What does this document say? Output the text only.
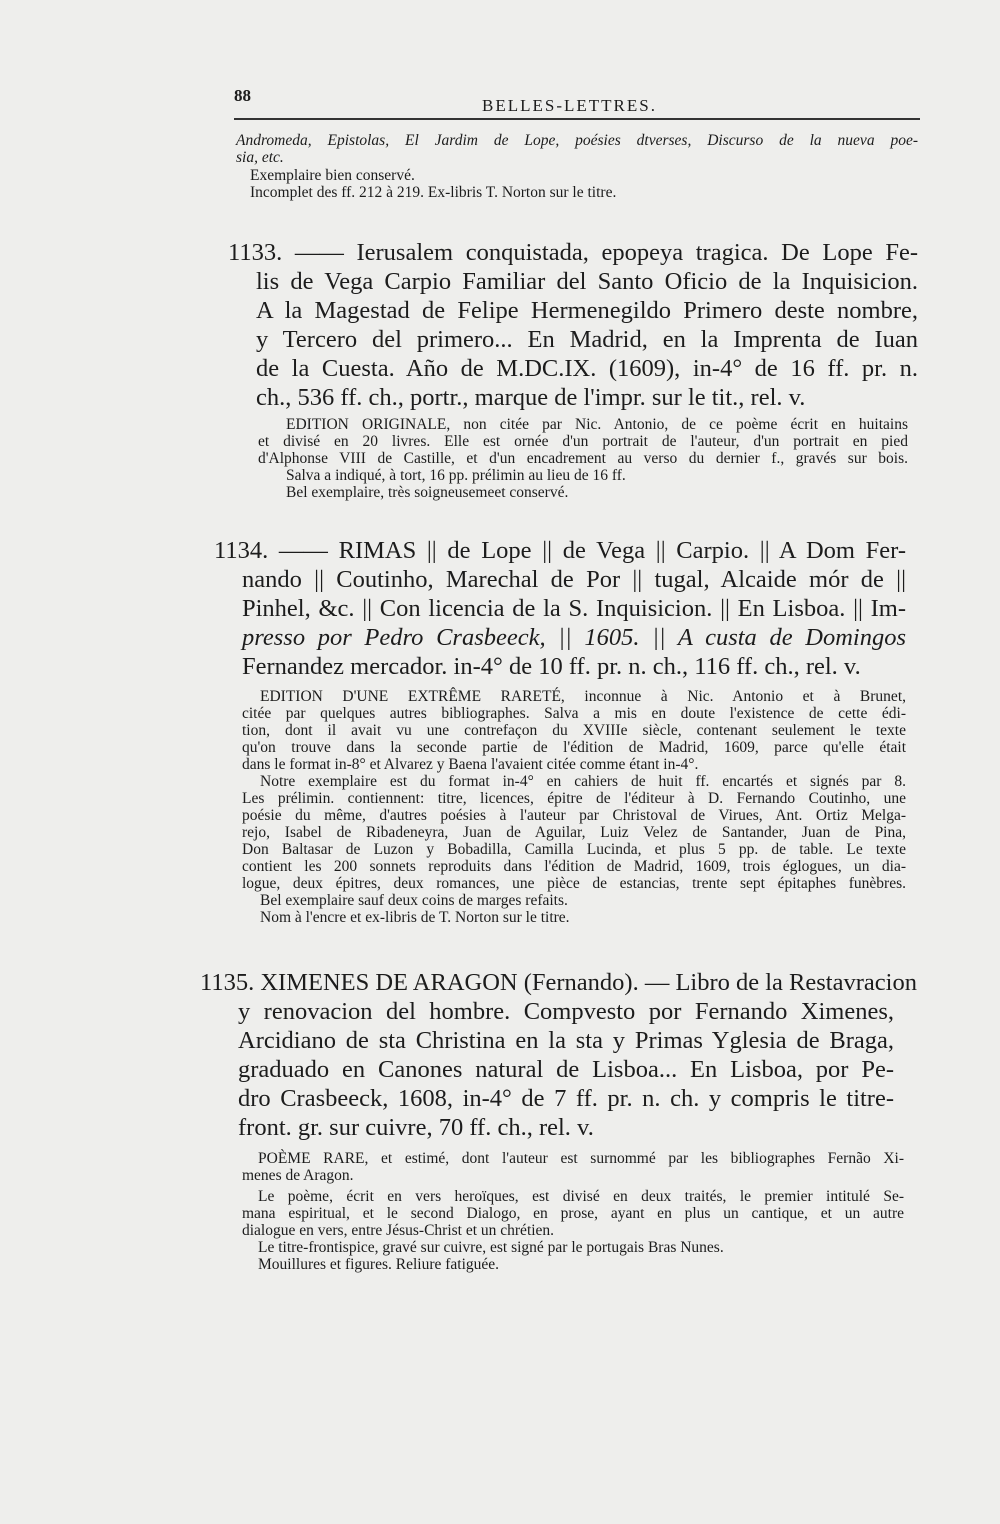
88
BELLES-LETTRES.
Andromeda, Epistolas, El Jardim de Lope, poésies dtverses, Discurso de la nueva poe-
sia, etc.
Exemplaire bien conservé.
Incomplet des ff. 212 à 219. Ex-libris T. Norton sur le titre.
1133. —— Ierusalem conquistada, epopeya tragica. De Lope Fe-
lis de Vega Carpio Familiar del Santo Oficio de la Inquisicion.
A la Magestad de Felipe Hermenegildo Primero deste nombre,
y Tercero del primero... En Madrid, en la Imprenta de Iuan
de la Cuesta. Año de M.DC.IX. (1609), in-4° de 16 ff. pr. n.
ch., 536 ff. ch., portr., marque de l'impr. sur le tit., rel. v.
EDITION ORIGINALE, non citée par Nic. Antonio, de ce poème écrit en huitains
et divisé en 20 livres. Elle est ornée d'un portrait de l'auteur, d'un portrait en pied
d'Alphonse VIII de Castille, et d'un encadrement au verso du dernier f., gravés sur bois.
Salva a indiqué, à tort, 16 pp. prélimin au lieu de 16 ff.
Bel exemplaire, très soigneusemeet conservé.
1134. —— RIMAS || de Lope || de Vega || Carpio. || A Dom Fer-
nando || Coutinho, Marechal de Por || tugal, Alcaide mór de ||
Pinhel, &c. || Con licencia de la S. Inquisicion. || En Lisboa. || Im-
presso por Pedro Crasbeeck, || 1605. || A custa de Domingos
Fernandez mercador. in-4° de 10 ff. pr. n. ch., 116 ff. ch., rel. v.
EDITION D'UNE EXTRÊME RARETÉ, inconnue à Nic. Antonio et à Brunet,
citée par quelques autres bibliographes. Salva a mis en doute l'existence de cette édi-
tion, dont il avait vu une contrefaçon du XVIIIe siècle, contenant seulement le texte
qu'on trouve dans la seconde partie de l'édition de Madrid, 1609, parce qu'elle était
dans le format in-8° et Alvarez y Baena l'avaient citée comme étant in-4°.
Notre exemplaire est du format in-4° en cahiers de huit ff. encartés et signés par 8.
Les prélimin. contiennent: titre, licences, épitre de l'éditeur à D. Fernando Coutinho, une
poésie du même, d'autres poésies à l'auteur par Christoval de Virues, Ant. Ortiz Melga-
rejo, Isabel de Ribadeneyra, Juan de Aguilar, Luiz Velez de Santander, Juan de Pina,
Don Baltasar de Luzon y Bobadilla, Camilla Lucinda, et plus 5 pp. de table. Le texte
contient les 200 sonnets reproduits dans l'édition de Madrid, 1609, trois églogues, un dia-
logue, deux épitres, deux romances, une pièce de estancias, trente sept épitaphes funèbres.
Bel exemplaire sauf deux coins de marges refaits.
Nom à l'encre et ex-libris de T. Norton sur le titre.
1135. XIMENES DE ARAGON (Fernando). — Libro de la Restavracion
y renovacion del hombre. Compvesto por Fernando Ximenes,
Arcidiano de sta Christina en la sta y Primas Yglesia de Braga,
graduado en Canones natural de Lisboa... En Lisboa, por Pe-
dro Crasbeeck, 1608, in-4° de 7 ff. pr. n. ch. y compris le titre-
front. gr. sur cuivre, 70 ff. ch., rel. v.
POÈME RARE, et estimé, dont l'auteur est surnommé par les bibliographes Fernão Xi-
menes de Aragon.
Le poème, écrit en vers heroïques, est divisé en deux traités, le premier intitulé Se-
mana espiritual, et le second Dialogo, en prose, ayant en plus un cantique, et un autre
dialogue en vers, entre Jésus-Christ et un chrétien.
Le titre-frontispice, gravé sur cuivre, est signé par le portugais Bras Nunes.
Mouillures et figures. Reliure fatiguée.
